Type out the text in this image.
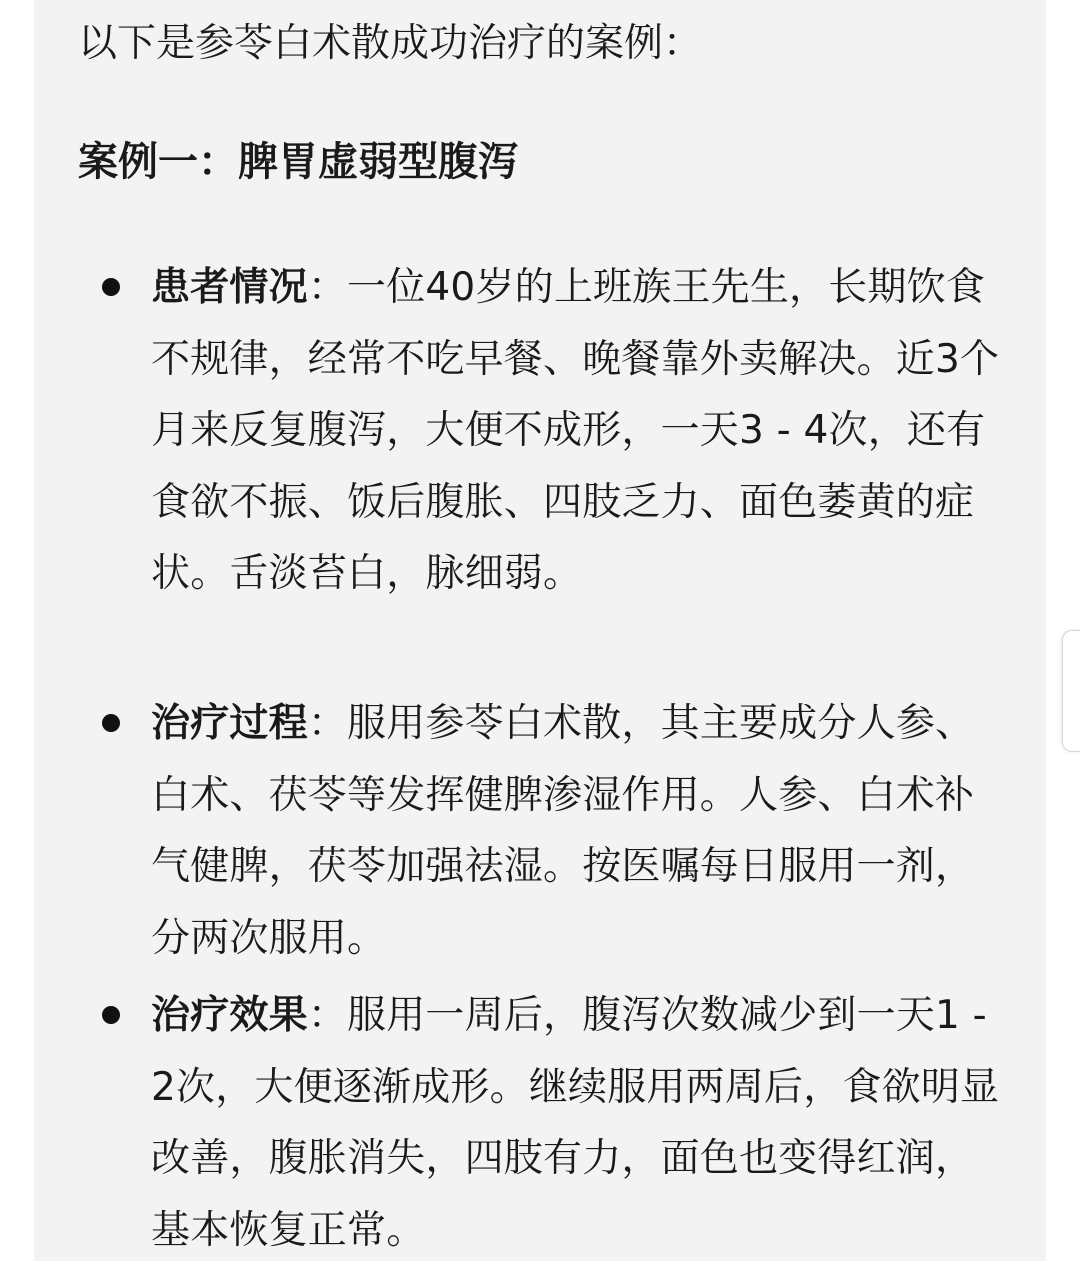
以下是参苓白术散成功治疗的案例：

案例一：脾胃虚弱型腹泻

患者情况：一位40岁的上班族王先生，长期饮食不规律，经常不吃早餐、晚餐靠外卖解决。近3个月来反复腹泻，大便不成形，一天3 - 4次，还有食欲不振、饭后腹胀、四肢乏力、面色萎黄的症状。舌淡苔白，脉细弱。

治疗过程：服用参苓白术散，其主要成分人参、白术、茯苓等发挥健脾渗湿作用。人参、白术补气健脾，茯苓加强祛湿。按医嘱每日服用一剂，分两次服用。

治疗效果：服用一周后，腹泻次数减少到一天1 - 2次，大便逐渐成形。继续服用两周后，食欲明显改善，腹胀消失，四肢有力，面色也变得红润，基本恢复正常。
